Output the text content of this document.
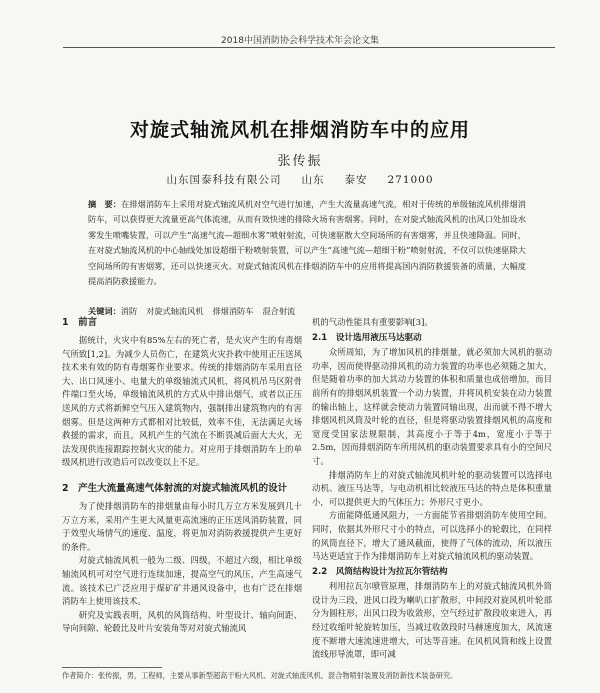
2018中国消防协会科学技术年会论文集
对旋式轴流风机在排烟消防车中的应用
张传振
山东国泰科技有限公司 山东 泰安 271000
摘　要：在排烟消防车上采用对旋式轴流风机对空气进行加速，产生大流量高速气流，相对于传统的单级轴流风机排烟消防车，可以获得更大流量更高气体流速，从而有效快速的排除火场有害烟雾。同时，在对旋式轴流风机的出风口处加设水雾发生喷嘴装置，可以产生“高速气流—超细水雾”喷射射流，可快速驱散大空间场所的有害烟雾，并且快速降温。同时，在对旋式轴流风机的中心轴线处加设超细干粉喷射装置，可以产生“高速气流—超细干粉”喷射射流，不仅可以快速驱除大空间场所的有害烟雾，还可以快速灭火。对旋式轴流风机在排烟消防车中的应用将提高国内消防救援装备的质量，大幅度提高消防救援能力。
关键词：消防 对旋式轴流风机 排烟消防车 混合射流
1　前言

据统计，火灾中有85%左右的死亡者，是火灾产生的有毒烟气所致[1,2]。为减少人员伤亡，在建筑火灾扑救中使用正压送风技术来有效的防有毒烟雾作业要求。传统的排烟消防车采用直径大、出口风速小、电量大的单级轴流式风机，将风机吊马区附骨件端口至火场，单级轴流风机的方式从中排出烟气，或者以正压送风的方式将新鲜空气压入建筑物内，强制排出建筑物内的有害烟雾。但是这两种方式都相对比较低，效率不佳，无法满足火场救援的需求，而且，风机产生的气流在不断畏减后面大大火，无法发现供连接跟踪控制火灾的能力。对应用于排烟消防车上的单级风机进行改造后可以改变以上不足。

2　产生大流量高速气体射流的对旋式轴流风机的设计

为了使排烟消防车的排烟量由每小时几万立方米发展到几十万立方米，采用产生更大风量更高流速的正压送风消防装置，同于效型火场情气的速度、温度，将更加对消防救援提供产生更好的条件。

对旋式轴流风机一般为二级、四级，不超过六级，相比单级轴流风机可对空气进行连续加速，提高空气的风压，产生高速气流。该技术已广泛应用于煤矿矿井通风设备中，也有广泛在排烟消防车上使用该技术。

研究及实践表明，风机的风筒结构、叶型设计、轴向间距、导向间隙、轮毂比及叶片安装角等对对旋式轴流风

机的气动性能具有重要影响[3]。

2.1　设计选用液压马达驱动

众所周知，为了增加风机的排烟量，就必须加大风机的驱动功率，因而使得驱动排风机的动力装置的功率也必须随之加大，但是随着功率的加大其动力装置的体积和质量也成倍增加，而目前所有的排烟风机装置一个动力装置，并将风机安装在动力装置的输出轴上，这样就会使动力装置同轴出现，出而就不得不增大排烟风机风筒及叶轮的直径，但是将驱动装置排烟风机的高度和宽度受国家法规限制，其高度小于等于4m，宽度小于等于2.5m，因而排烟消防车所用风机的驱动装置要求具有小的空间尺寸。

排烟消防车上的对旋式轴流风机叶轮的驱动装置可以选择电动机、液压马达等，与电动机相比较液压马达的特点是体积重量小，可以提供更大的气体压力；外形尺寸更小。

方面能降低通风阻力，一方面能节省排烟消防车使用空间。同时，依据其外形尺寸小的特点，可以选择小的轮毂比，在同样的风筒直径下，增大了通风截面，使得了气体的流动，所以液压马达更适宜于作为排烟消防车上对旋式轴流风机的驱动装置。

2.2　风筒结构设计为拉瓦尔管结构

利用拉瓦尔喷管原理，排烟消防车上的对旋式轴流风机外筒设计为三段，进风口段为喇叭口扩散形，中间段对旋风机叶轮部分为圆柱形，出风口段为收敛形，空气经过扩散段收束进入，再经过收缩叶轮旋转加压，当减过收敛段时马赫速度加大，风流速度不断增大速流速进增大，可达等音速。在风机风筒和线上设置流线形导流罩，即可减

作者简介：张传振，男，工程师，主要从事新型超高干粉大风机、对旋式轴流风机、混合物喷射装置及消防新技术装备研究。
